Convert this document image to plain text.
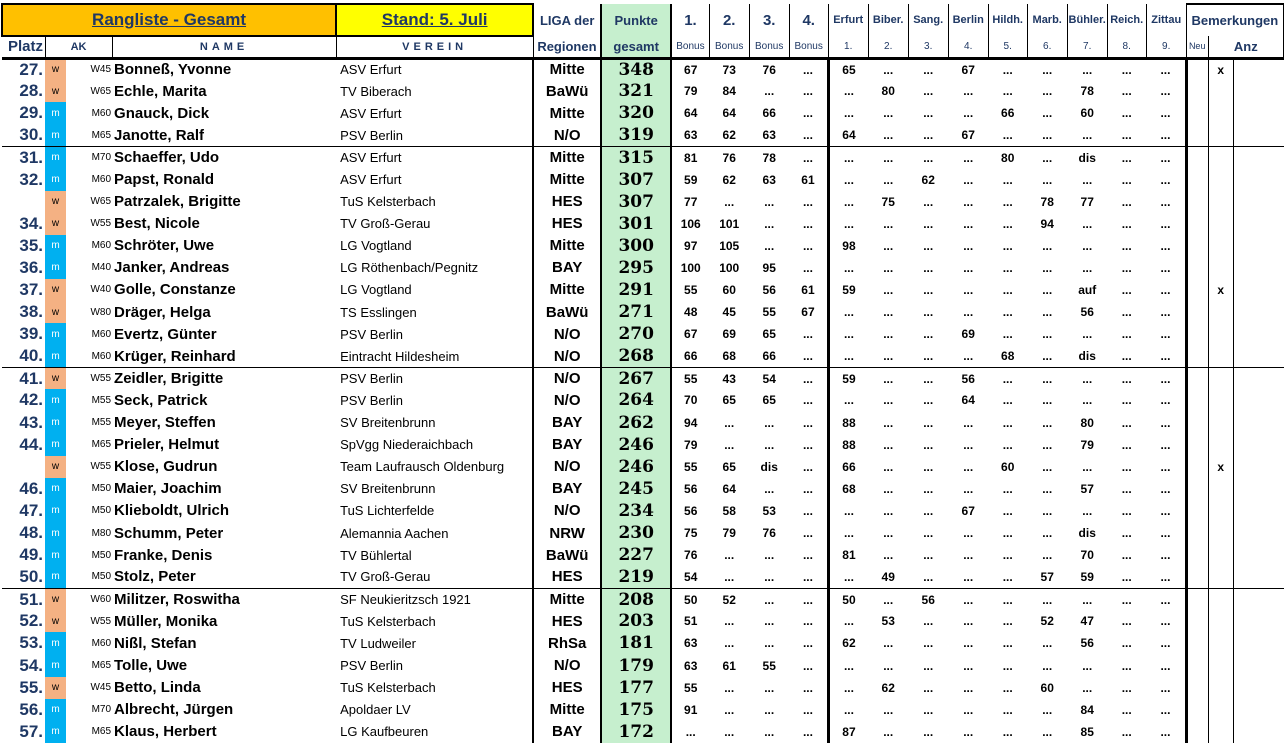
Rangliste - Gesamt				Stand: 5. Juli	LIGA der	Punkte	1.	2.	3.	4.	Erfurt	Biber.	Sang.	Berlin	Hildh.	Marb.	Bühler.	Reich.	Zittau	Bemerkungen		
Platz	AK		NAME	VEREIN	Regionen	gesamt	Bonus	Bonus	Bonus	Bonus	1.	2.	3.	4.	5.	6.	7.	8.	9.	Neu	Anz	
27.	w	W45	Bonneß, Yvonne	ASV Erfurt	Mitte	348	67	73	76	...	65	...	...	67	...	...	...	...	...		x	
28.	w	W65	Echle, Marita	TV Biberach	BaWü	321	79	84	...	...	...	80	...	...	...	...	78	...	...			
29.	m	M60	Gnauck, Dick	ASV Erfurt	Mitte	320	64	64	66	...	...	...	...	...	66	...	60	...	...			
30.	m	M65	Janotte, Ralf	PSV Berlin	N/O	319	63	62	63	...	64	...	...	67	...	...	...	...	...			
31.	m	M70	Schaeffer, Udo	ASV Erfurt	Mitte	315	81	76	78	...	...	...	...	...	80	...	dis	...	...			
32.	m	M60	Papst, Ronald	ASV Erfurt	Mitte	307	59	62	63	61	...	...	62	...	...	...	...	...	...			
	w	W65	Patrzalek, Brigitte	TuS Kelsterbach	HES	307	77	...	...	...	...	75	...	...	...	78	77	...	...			
34.	w	W55	Best, Nicole	TV Groß-Gerau	HES	301	106	101	...	...	...	...	...	...	...	94	...	...	...			
35.	m	M60	Schröter, Uwe	LG Vogtland	Mitte	300	97	105	...	...	98	...	...	...	...	...	...	...	...			
36.	m	M40	Janker, Andreas	LG Röthenbach/Pegnitz	BAY	295	100	100	95	...	...	...	...	...	...	...	...	...	...			
37.	w	W40	Golle, Constanze	LG Vogtland	Mitte	291	55	60	56	61	59	...	...	...	...	...	auf	...	...		x	
38.	w	W80	Dräger, Helga	TS Esslingen	BaWü	271	48	45	55	67	...	...	...	...	...	...	56	...	...			
39.	m	M60	Evertz, Günter	PSV Berlin	N/O	270	67	69	65	...	...	...	...	69	...	...	...	...	...			
40.	m	M60	Krüger, Reinhard	Eintracht Hildesheim	N/O	268	66	68	66	...	...	...	...	...	68	...	dis	...	...			
41.	w	W55	Zeidler, Brigitte	PSV Berlin	N/O	267	55	43	54	...	59	...	...	56	...	...	...	...	...			
42.	m	M55	Seck, Patrick	PSV Berlin	N/O	264	70	65	65	...	...	...	...	64	...	...	...	...	...			
43.	m	M55	Meyer, Steffen	SV Breitenbrunn	BAY	262	94	...	...	...	88	...	...	...	...	...	80	...	...			
44.	m	M65	Prieler, Helmut	SpVgg Niederaichbach	BAY	246	79	...	...	...	88	...	...	...	...	...	79	...	...			
	w	W55	Klose, Gudrun	Team Laufrausch Oldenburg	N/O	246	55	65	dis	...	66	...	...	...	60	...	...	...	...		x	
46.	m	M50	Maier, Joachim	SV Breitenbrunn	BAY	245	56	64	...	...	68	...	...	...	...	...	57	...	...			
47.	m	M50	Klieboldt, Ulrich	TuS Lichterfelde	N/O	234	56	58	53	...	...	...	...	67	...	...	...	...	...			
48.	m	M80	Schumm, Peter	Alemannia Aachen	NRW	230	75	79	76	...	...	...	...	...	...	...	dis	...	...			
49.	m	M50	Franke, Denis	TV Bühlertal	BaWü	227	76	...	...	...	81	...	...	...	...	...	70	...	...			
50.	m	M50	Stolz, Peter	TV Groß-Gerau	HES	219	54	...	...	...	...	49	...	...	...	57	59	...	...			
51.	w	W60	Militzer, Roswitha	SF Neukieritzsch 1921	Mitte	208	50	52	...	...	50	...	56	...	...	...	...	...	...			
52.	w	W55	Müller, Monika	TuS Kelsterbach	HES	203	51	...	...	...	...	53	...	...	...	52	47	...	...			
53.	m	M60	Nißl, Stefan	TV Ludweiler	RhSa	181	63	...	...	...	62	...	...	...	...	...	56	...	...			
54.	m	M65	Tolle, Uwe	PSV Berlin	N/O	179	63	61	55	...	...	...	...	...	...	...	...	...	...			
55.	w	W45	Betto, Linda	TuS Kelsterbach	HES	177	55	...	...	...	...	62	...	...	...	60	...	...	...			
56.	m	M70	Albrecht, Jürgen	Apoldaer LV	Mitte	175	91	...	...	...	...	...	...	...	...	...	84	...	...			
57.	m	M65	Klaus, Herbert	LG Kaufbeuren	BAY	172	...	...	...	...	87	...	...	...	...	...	85	...	...			
